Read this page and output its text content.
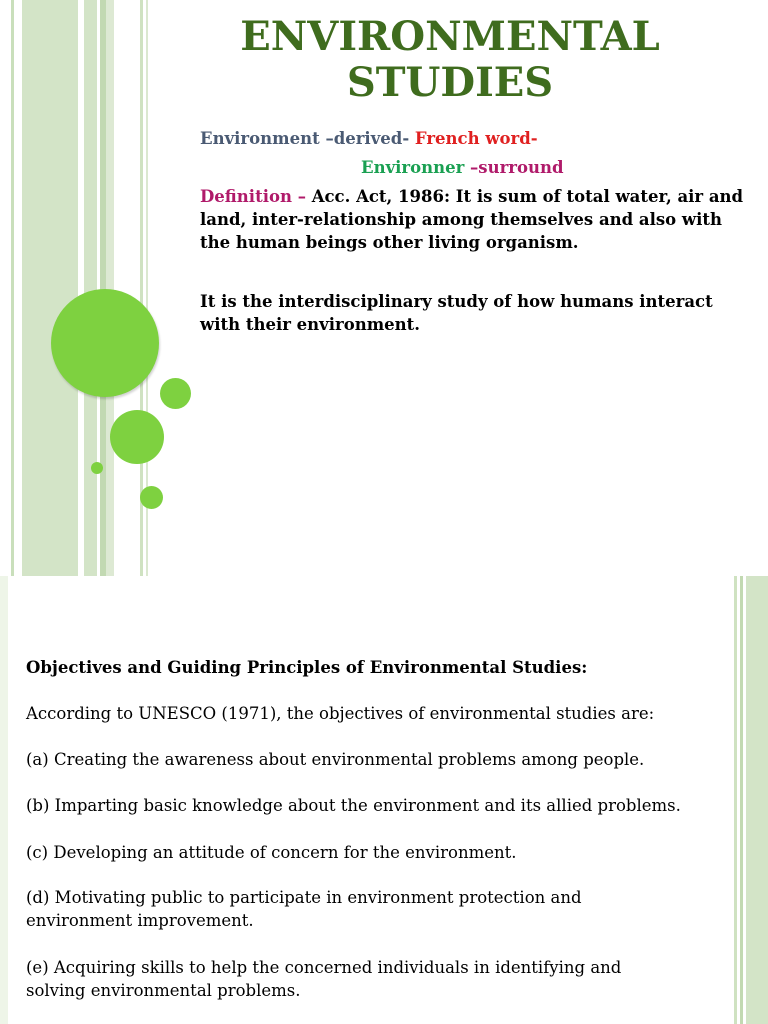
ENVIRONMENTAL
STUDIES
Environment –derived- French word-
Environner –surround
Definition – Acc. Act, 1986: It is sum of total water, air and land, inter-relationship among themselves and also with the human beings other living organism.
It is the interdisciplinary study of how humans interact with their environment.

Objectives and Guiding Principles of Environmental Studies:

According to UNESCO (1971), the objectives of environmental studies are:

(a) Creating the awareness about environmental problems among people.

(b) Imparting basic knowledge about the environment and its allied problems.

(c) Developing an attitude of concern for the environment.

(d) Motivating public to participate in environment protection and environment improvement.

(e) Acquiring skills to help the concerned individuals in identifying and solving environmental problems.
